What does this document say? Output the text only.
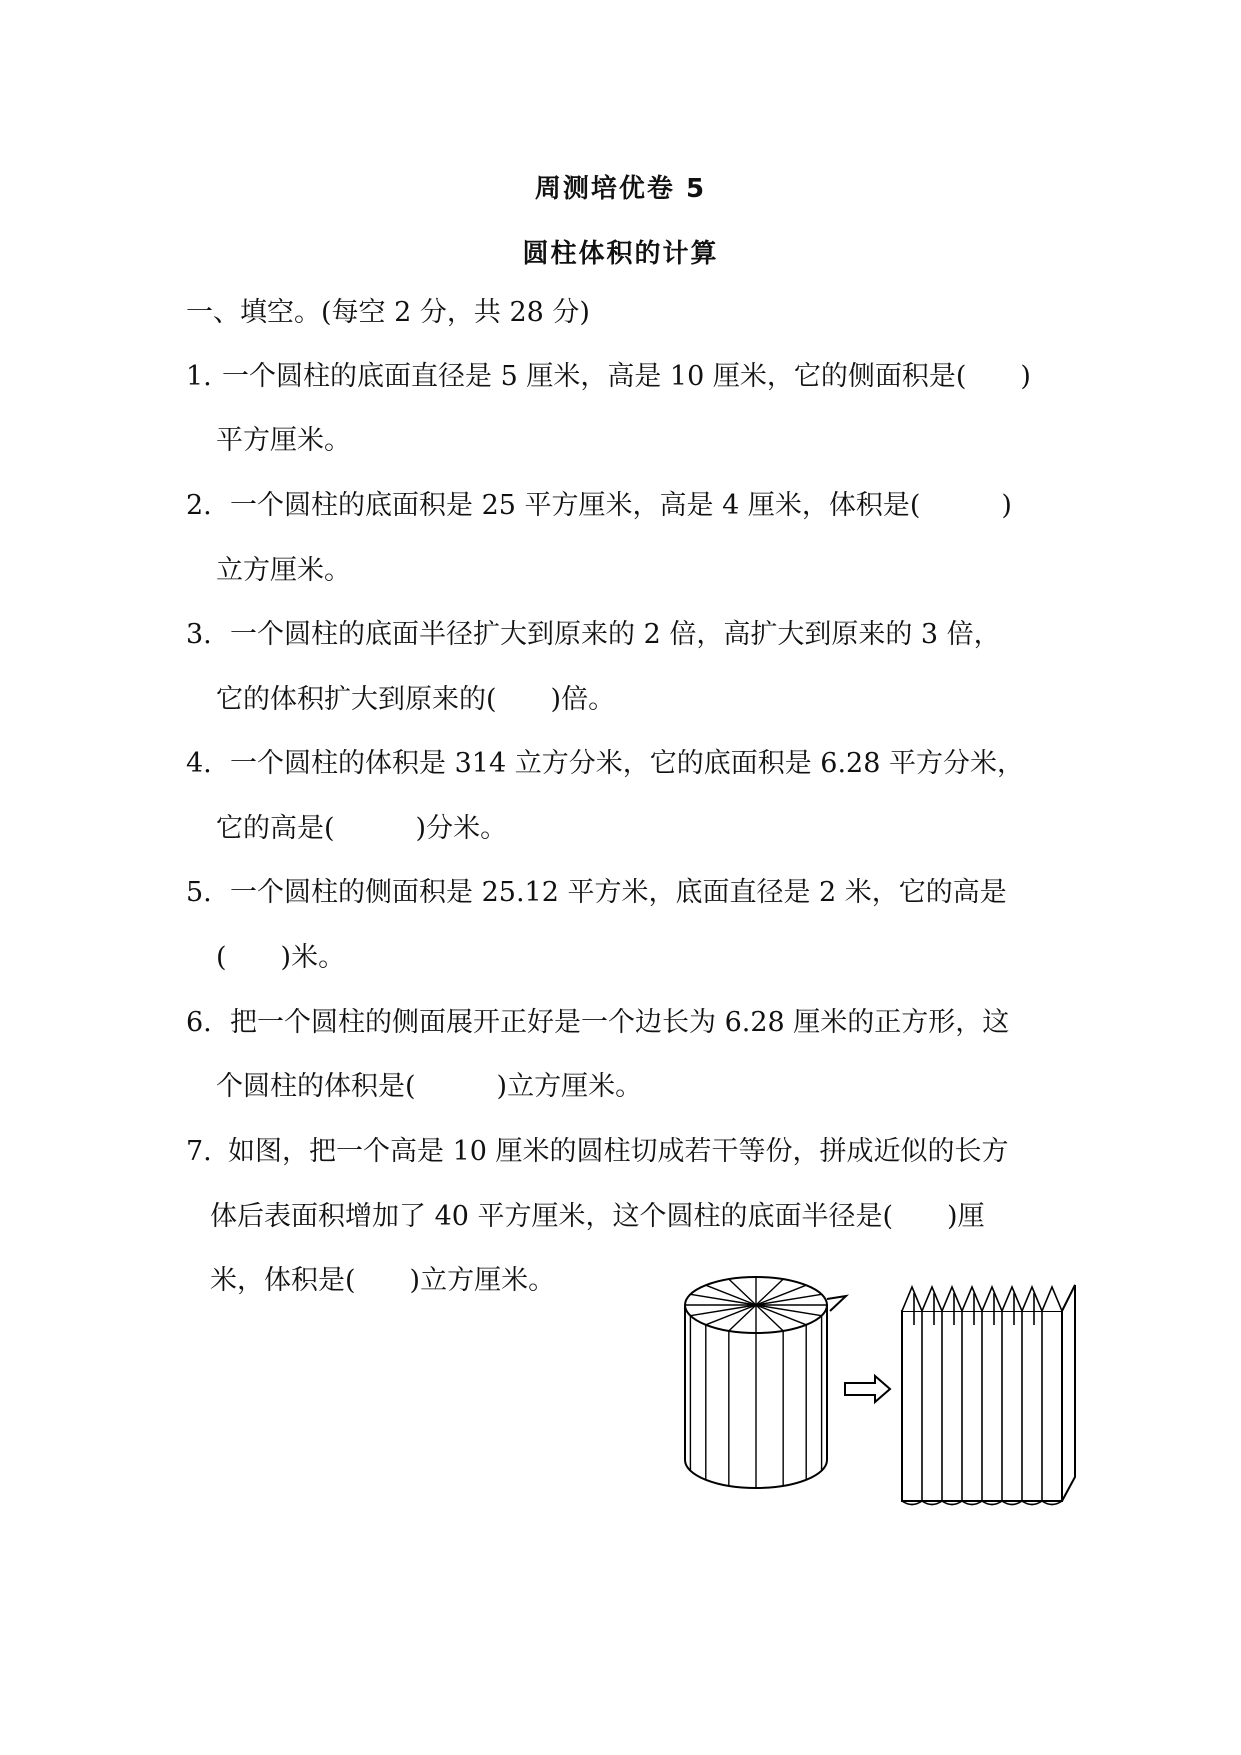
周测培优卷 5
圆柱体积的计算
一、填空。(每空 2 分，共 28 分)
1. 一个圆柱的底面直径是 5 厘米，高是 10 厘米，它的侧面积是(　　)
平方厘米。
2. 一个圆柱的底面积是 25 平方厘米，高是 4 厘米，体积是(　　　)
立方厘米。
3. 一个圆柱的底面半径扩大到原来的 2 倍，高扩大到原来的 3 倍，
它的体积扩大到原来的(　　)倍。
4. 一个圆柱的体积是 314 立方分米，它的底面积是 6.28 平方分米，
它的高是(　　　)分米。
5. 一个圆柱的侧面积是 25.12 平方米，底面直径是 2 米，它的高是
(　　)米。
6. 把一个圆柱的侧面展开正好是一个边长为 6.28 厘米的正方形，这
个圆柱的体积是(　　　)立方厘米。
7. 如图，把一个高是 10 厘米的圆柱切成若干等份，拼成近似的长方
体后表面积增加了 40 平方厘米，这个圆柱的底面半径是(　　)厘
米，体积是(　　)立方厘米。
